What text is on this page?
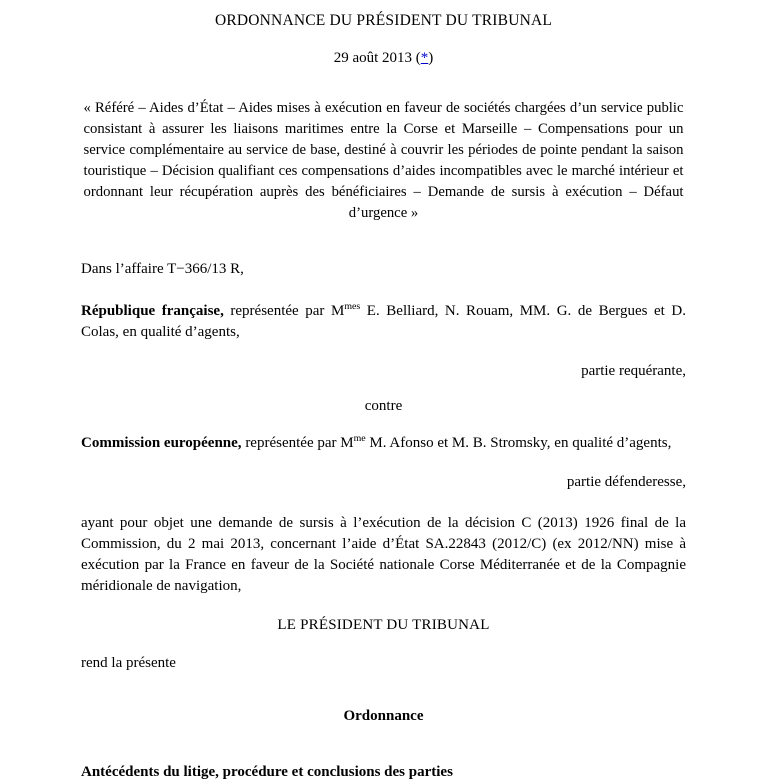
ORDONNANCE DU PRÉSIDENT DU TRIBUNAL
29 août 2013 (*)
« Référé – Aides d’État – Aides mises à exécution en faveur de sociétés chargées d’un service public consistant à assurer les liaisons maritimes entre la Corse et Marseille – Compensations pour un service complémentaire au service de base, destiné à couvrir les périodes de pointe pendant la saison touristique – Décision qualifiant ces compensations d’aides incompatibles avec le marché intérieur et ordonnant leur récupération auprès des bénéficiaires – Demande de sursis à exécution – Défaut d’urgence »

Dans l’affaire T−366/13 R,

République française, représentée par $M^{mes}$ E. Belliard, N. Rouam, MM. G. de Bergues et D. Colas, en qualité d’agents,

partie requérante,

contre

Commission européenne, représentée par $M^{me}$ M. Afonso et M. B. Stromsky, en qualité d’agents,

partie défenderesse,

ayant pour objet une demande de sursis à l’exécution de la décision C (2013) 1926 final de la Commission, du 2 mai 2013, concernant l’aide d’État SA.22843 (2012/C) (ex 2012/NN) mise à exécution par la France en faveur de la Société nationale Corse Méditerranée et de la Compagnie méridionale de navigation,

LE PRÉSIDENT DU TRIBUNAL

rend la présente

Ordonnance

Antécédents du litige, procédure et conclusions des parties
